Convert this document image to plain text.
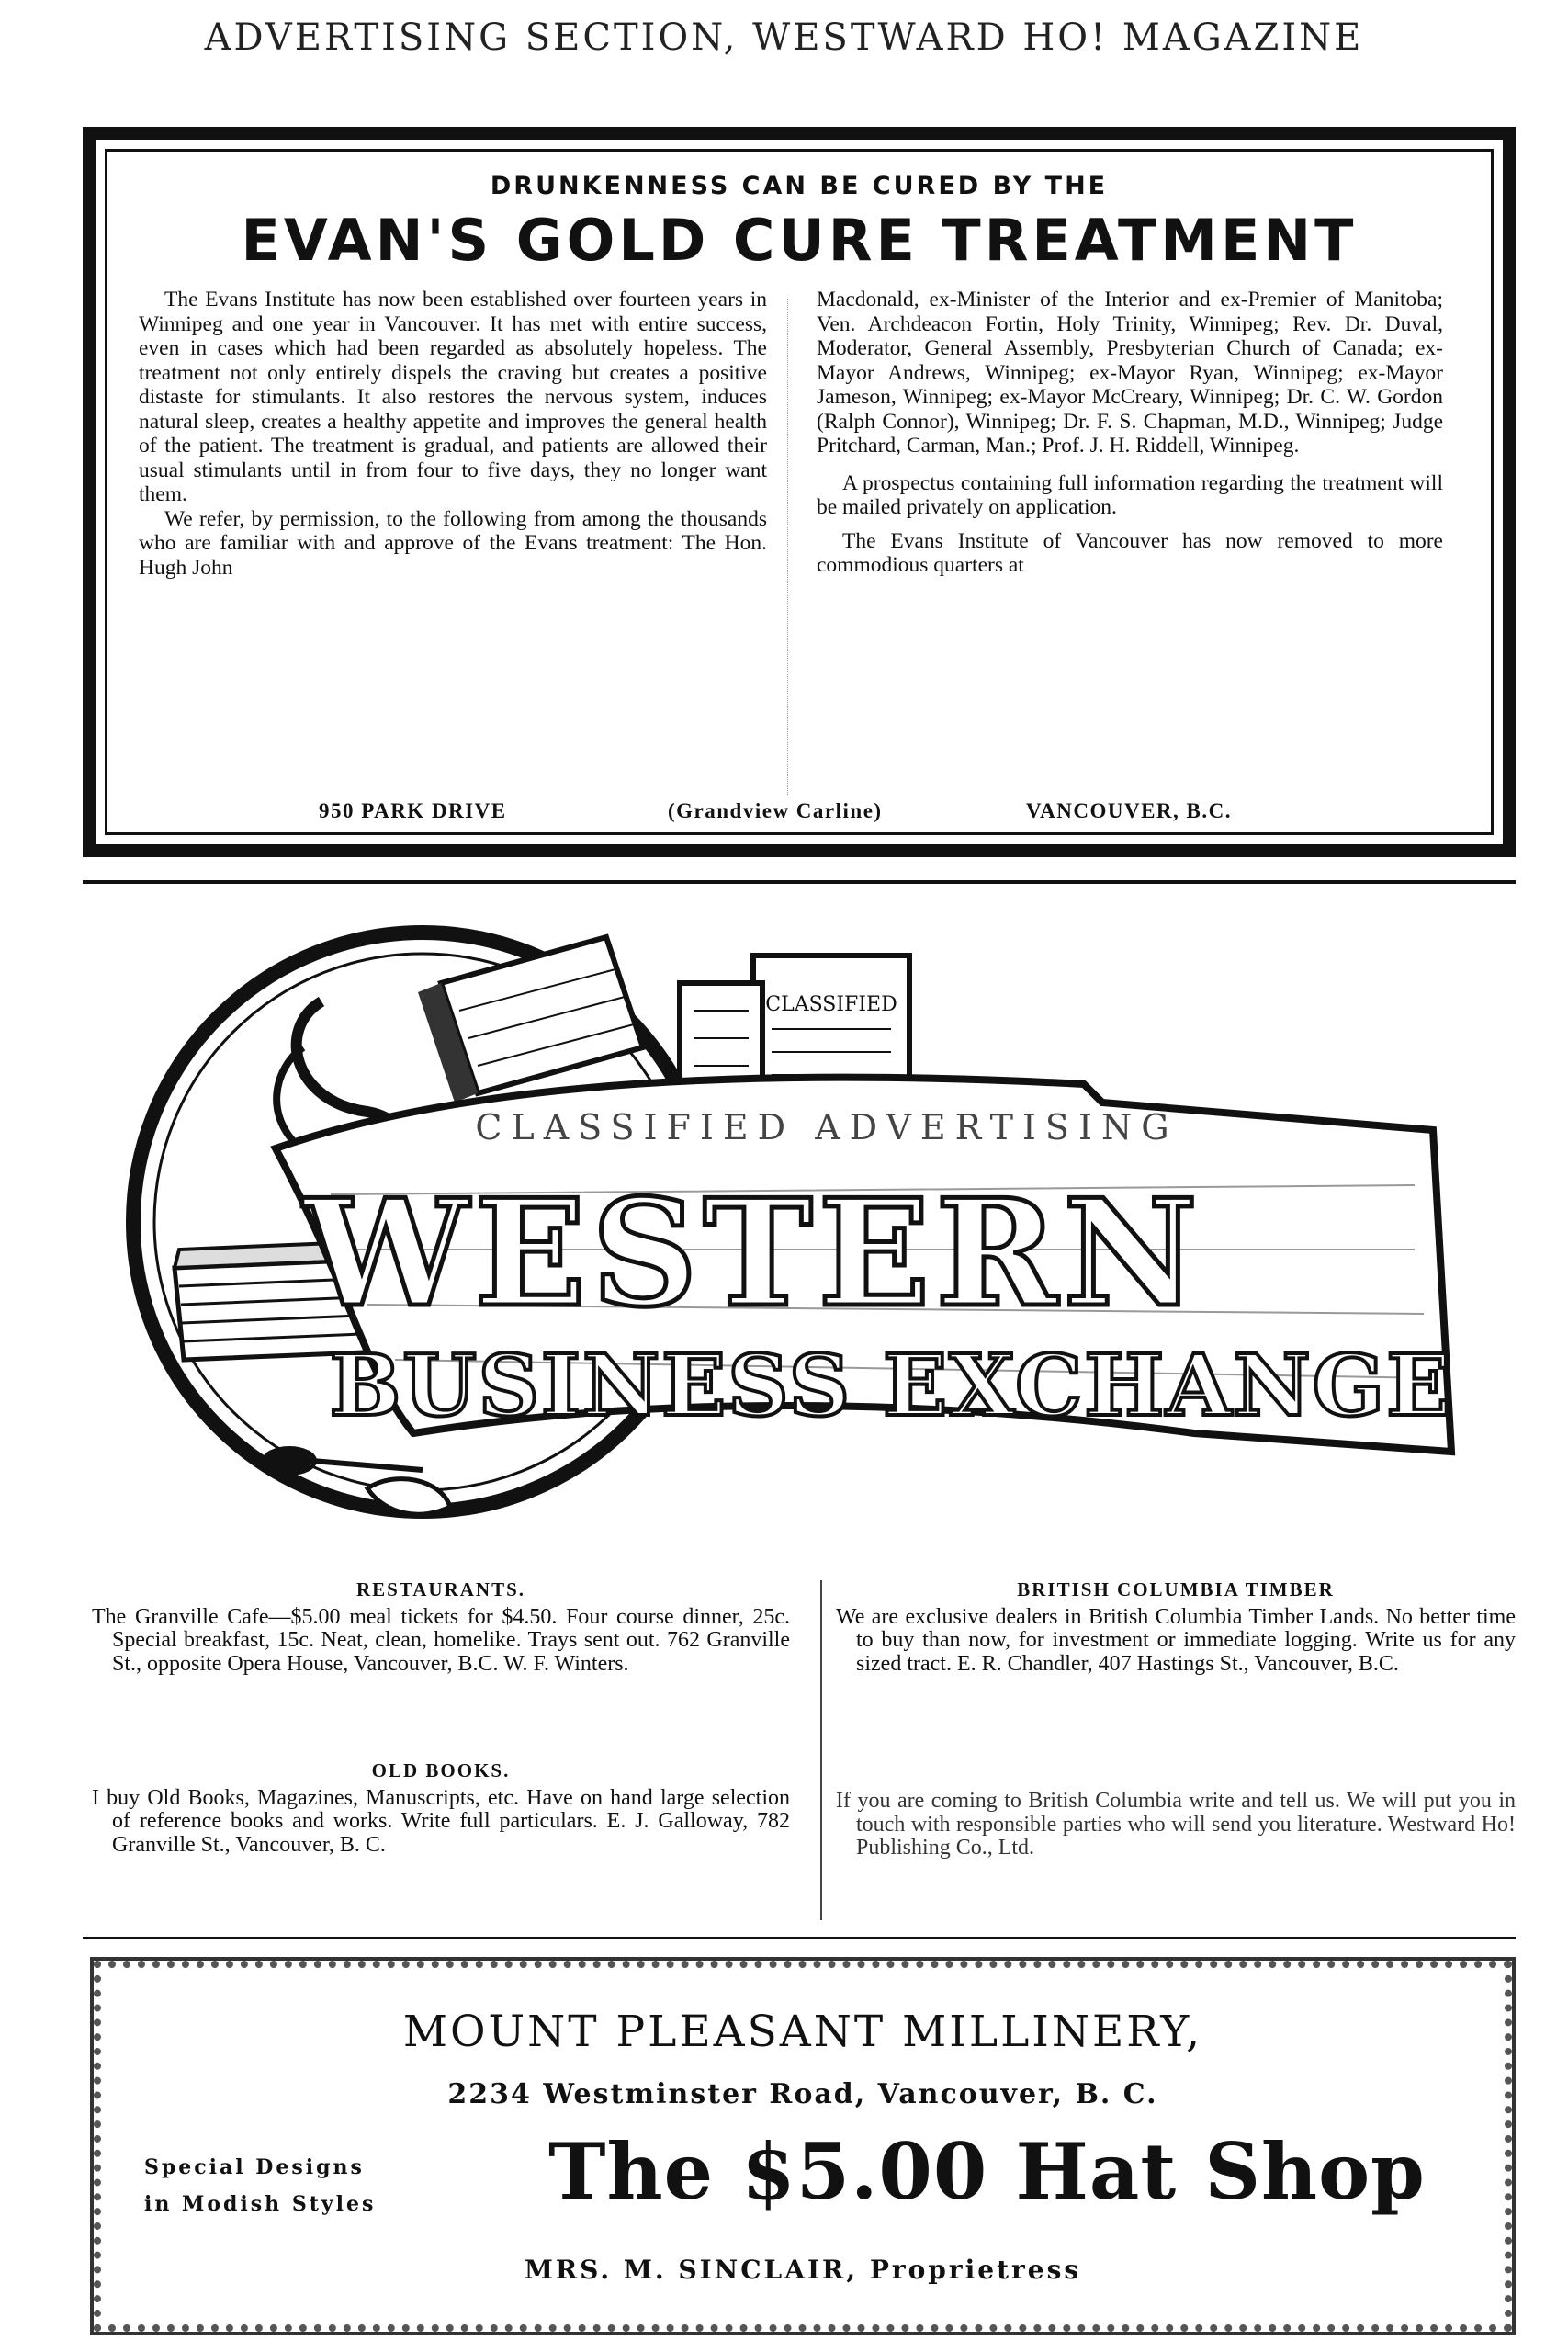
ADVERTISING SECTION, WESTWARD HO! MAGAZINE
DRUNKENNESS CAN BE CURED BY THE
EVAN'S GOLD CURE TREATMENT

The Evans Institute has now been established over fourteen years in Winnipeg and one year in Vancouver. It has met with entire success, even in cases which had been regarded as absolutely hopeless. The treatment not only entirely dispels the craving but creates a positive distaste for stimulants. It also restores the nervous system, induces natural sleep, creates a healthy appetite and improves the general health of the patient. The treatment is gradual, and patients are allowed their usual stimulants until in from four to five days, they no longer want them.

We refer, by permission, to the following from among the thousands who are familiar with and approve of the Evans treatment: The Hon. Hugh John

Macdonald, ex-Minister of the Interior and ex-Premier of Manitoba; Ven. Archdeacon Fortin, Holy Trinity, Winnipeg; Rev. Dr. Duval, Moderator, General Assembly, Presbyterian Church of Canada; ex-Mayor Andrews, Winnipeg; ex-Mayor Ryan, Winnipeg; ex-Mayor Jameson, Winnipeg; ex-Mayor McCreary, Winnipeg; Dr. C. W. Gordon (Ralph Connor), Winnipeg; Dr. F. S. Chapman, M.D., Winnipeg; Judge Pritchard, Carman, Man.; Prof. J. H. Riddell, Winnipeg.

A prospectus containing full information regarding the treatment will be mailed privately on application.

The Evans Institute of Vancouver has now removed to more commodious quarters at

950 PARK DRIVE	(Grandview Carline)	VANCOUVER, B.C.
CLASSIFIED
CLASSIFIED ADVERTISING
WESTERN
BUSINESS EXCHANGE
RESTAURANTS.

The Granville Cafe—$5.00 meal tickets for $4.50. Four course dinner, 25c. Special breakfast, 15c. Neat, clean, homelike. Trays sent out. 762 Granville St., opposite Opera House, Vancouver, B.C. W. F. Winters.

OLD BOOKS.

I buy Old Books, Magazines, Manuscripts, etc. Have on hand large selection of reference books and works. Write full particulars. E. J. Galloway, 782 Granville St., Vancouver, B. C.

BRITISH COLUMBIA TIMBER

We are exclusive dealers in British Columbia Timber Lands. No better time to buy than now, for investment or immediate logging. Write us for any sized tract. E. R. Chandler, 407 Hastings St., Vancouver, B.C.

If you are coming to British Columbia write and tell us. We will put you in touch with responsible parties who will send you literature. Westward Ho! Publishing Co., Ltd.

MOUNT PLEASANT MILLINERY,
2234 Westminster Road, Vancouver, B. C.
Special Designs
in Modish Styles The $5.00 Hat Shop
MRS. M. SINCLAIR, Proprietress
